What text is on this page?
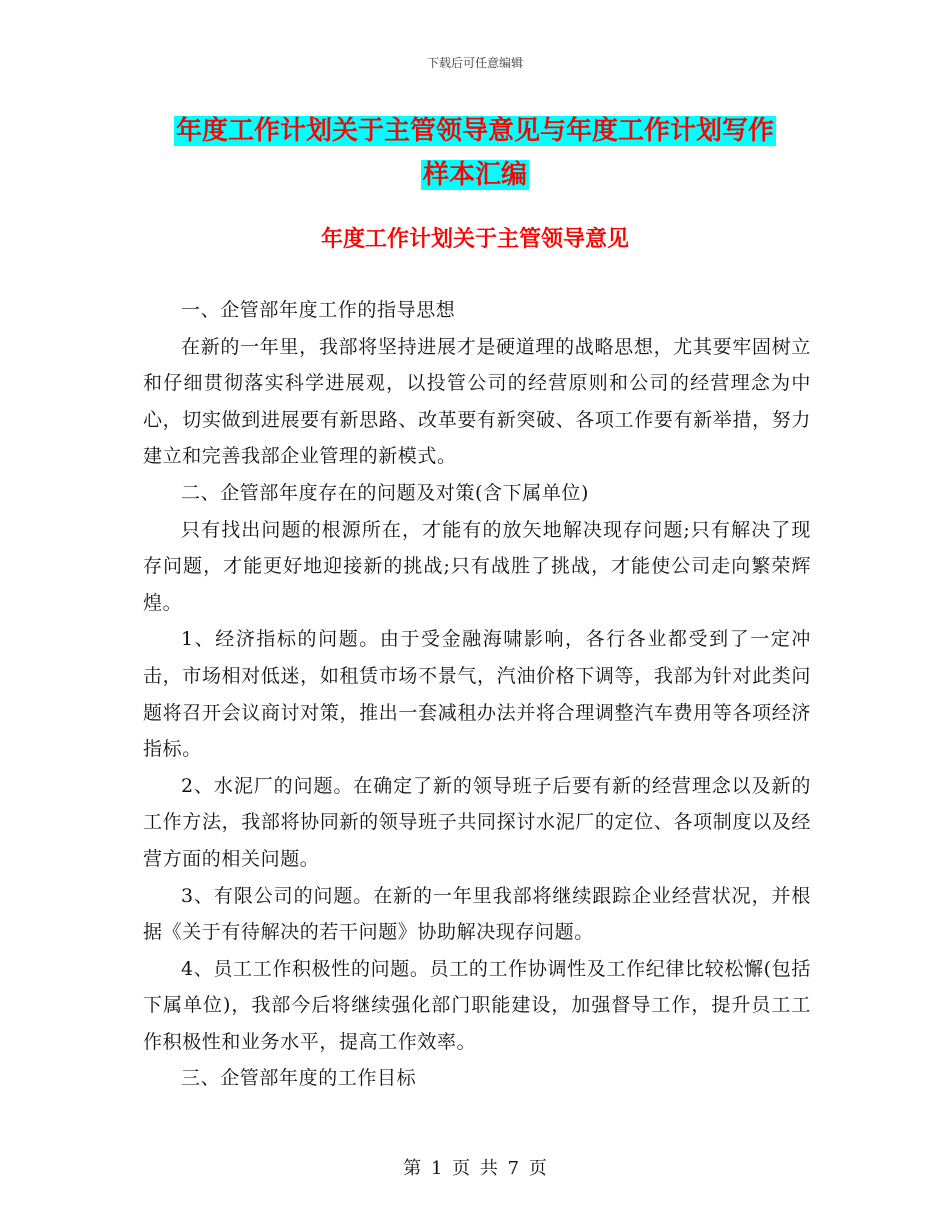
下载后可任意编辑
年度工作计划关于主管领导意见与年度工作计划写作
样本汇编
年度工作计划关于主管领导意见

一、企管部年度工作的指导思想

在新的一年里，我部将坚持进展才是硬道理的战略思想，尤其要牢固树立和仔细贯彻落实科学进展观，以投管公司的经营原则和公司的经营理念为中心，切实做到进展要有新思路、改革要有新突破、各项工作要有新举措，努力建立和完善我部企业管理的新模式。

二、企管部年度存在的问题及对策(含下属单位)

只有找出问题的根源所在，才能有的放矢地解决现存问题;只有解决了现存问题，才能更好地迎接新的挑战;只有战胜了挑战，才能使公司走向繁荣辉煌。

1、经济指标的问题。由于受金融海啸影响，各行各业都受到了一定冲击，市场相对低迷，如租赁市场不景气，汽油价格下调等，我部为针对此类问题将召开会议商讨对策，推出一套减租办法并将合理调整汽车费用等各项经济指标。

2、水泥厂的问题。在确定了新的领导班子后要有新的经营理念以及新的工作方法，我部将协同新的领导班子共同探讨水泥厂的定位、各项制度以及经营方面的相关问题。

3、有限公司的问题。在新的一年里我部将继续跟踪企业经营状况，并根据《关于有待解决的若干问题》协助解决现存问题。

4、员工工作积极性的问题。员工的工作协调性及工作纪律比较松懈(包括下属单位)，我部今后将继续强化部门职能建设，加强督导工作，提升员工工作积极性和业务水平，提高工作效率。

三、企管部年度的工作目标

第 1 页 共 7 页
